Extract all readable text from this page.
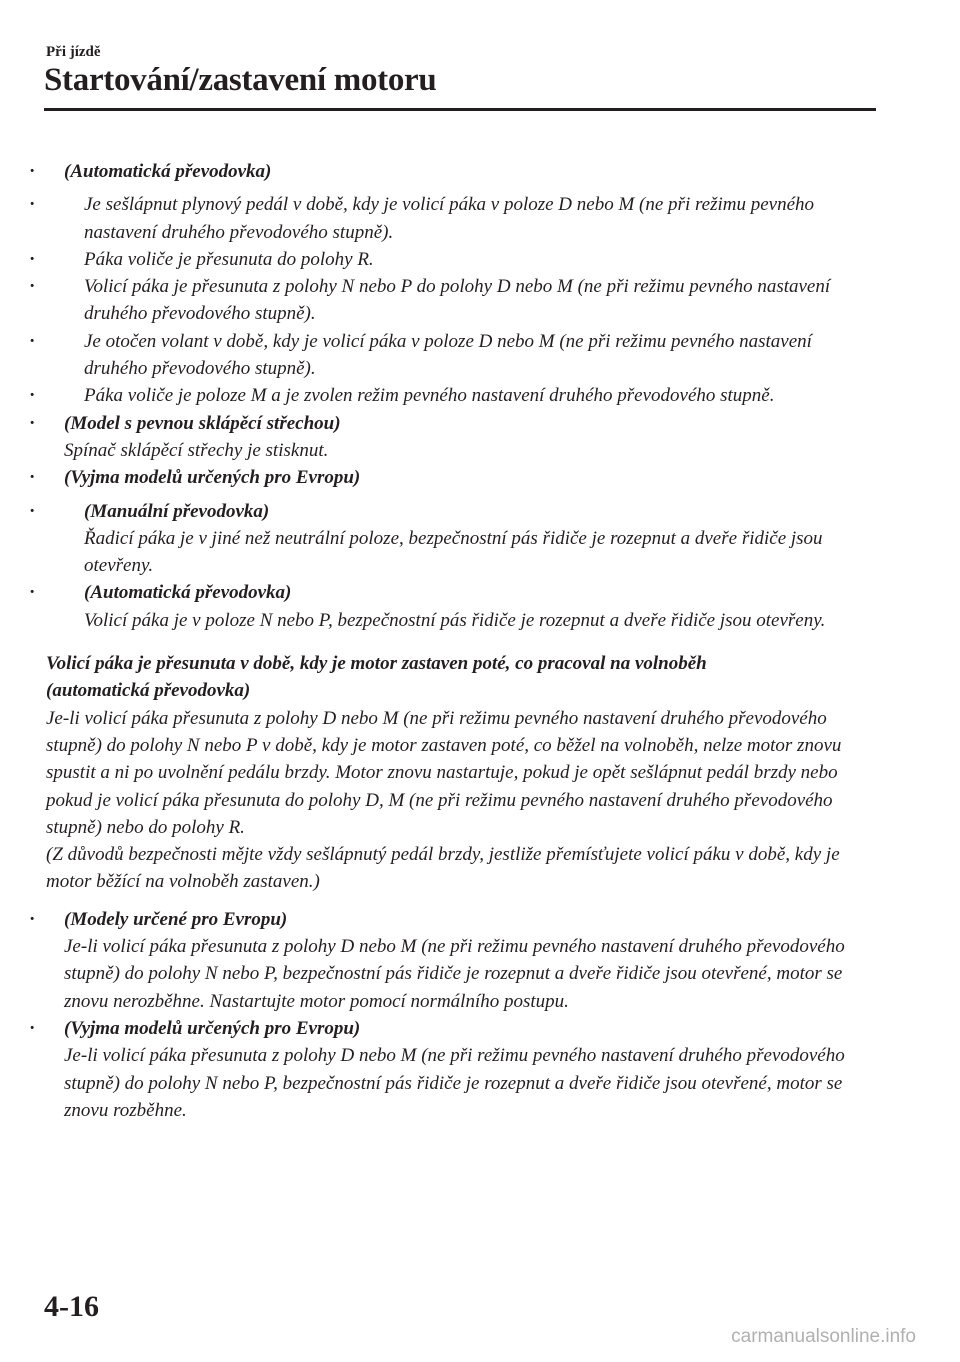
Při jízdě
Startování/zastavení motoru
· (Automatická převodovka)
· Je sešlápnut plynový pedál v době, kdy je volicí páka v poloze D nebo M (ne při režimu pevného nastavení druhého převodového stupně).
· Páka voliče je přesunuta do polohy R.
· Volicí páka je přesunuta z polohy N nebo P do polohy D nebo M (ne při režimu pevného nastavení druhého převodového stupně).
· Je otočen volant v době, kdy je volicí páka v poloze D nebo M (ne při režimu pevného nastavení druhého převodového stupně).
· Páka voliče je poloze M a je zvolen režim pevného nastavení druhého převodového stupně.
· (Model s pevnou sklápěcí střechou)
Spínač sklápěcí střechy je stisknut.
· (Vyjma modelů určených pro Evropu)
· (Manuální převodovka)
Řadicí páka je v jiné než neutrální poloze, bezpečnostní pás řidiče je rozepnut a dveře řidiče jsou otevřeny.
· (Automatická převodovka)
Volicí páka je v poloze N nebo P, bezpečnostní pás řidiče je rozepnut a dveře řidiče jsou otevřeny.
Volicí páka je přesunuta v době, kdy je motor zastaven poté, co pracoval na volnoběh
(automatická převodovka)
Je-li volicí páka přesunuta z polohy D nebo M (ne při režimu pevného nastavení druhého převodového stupně) do polohy N nebo P v době, kdy je motor zastaven poté, co běžel na volnoběh, nelze motor znovu spustit a ni po uvolnění pedálu brzdy. Motor znovu nastartuje, pokud je opět sešlápnut pedál brzdy nebo pokud je volicí páka přesunuta do polohy D, M (ne při režimu pevného nastavení druhého převodového stupně) nebo do polohy R.
(Z důvodů bezpečnosti mějte vždy sešlápnutý pedál brzdy, jestliže přemísťujete volicí páku v době, kdy je motor běžící na volnoběh zastaven.)
· (Modely určené pro Evropu)
Je-li volicí páka přesunuta z polohy D nebo M (ne při režimu pevného nastavení druhého převodového stupně) do polohy N nebo P, bezpečnostní pás řidiče je rozepnut a dveře řidiče jsou otevřené, motor se znovu nerozběhne. Nastartujte motor pomocí normálního postupu.
· (Vyjma modelů určených pro Evropu)
Je-li volicí páka přesunuta z polohy D nebo M (ne při režimu pevného nastavení druhého převodového stupně) do polohy N nebo P, bezpečnostní pás řidiče je rozepnut a dveře řidiče jsou otevřené, motor se znovu rozběhne.
4-16
carmanualsonline.info
